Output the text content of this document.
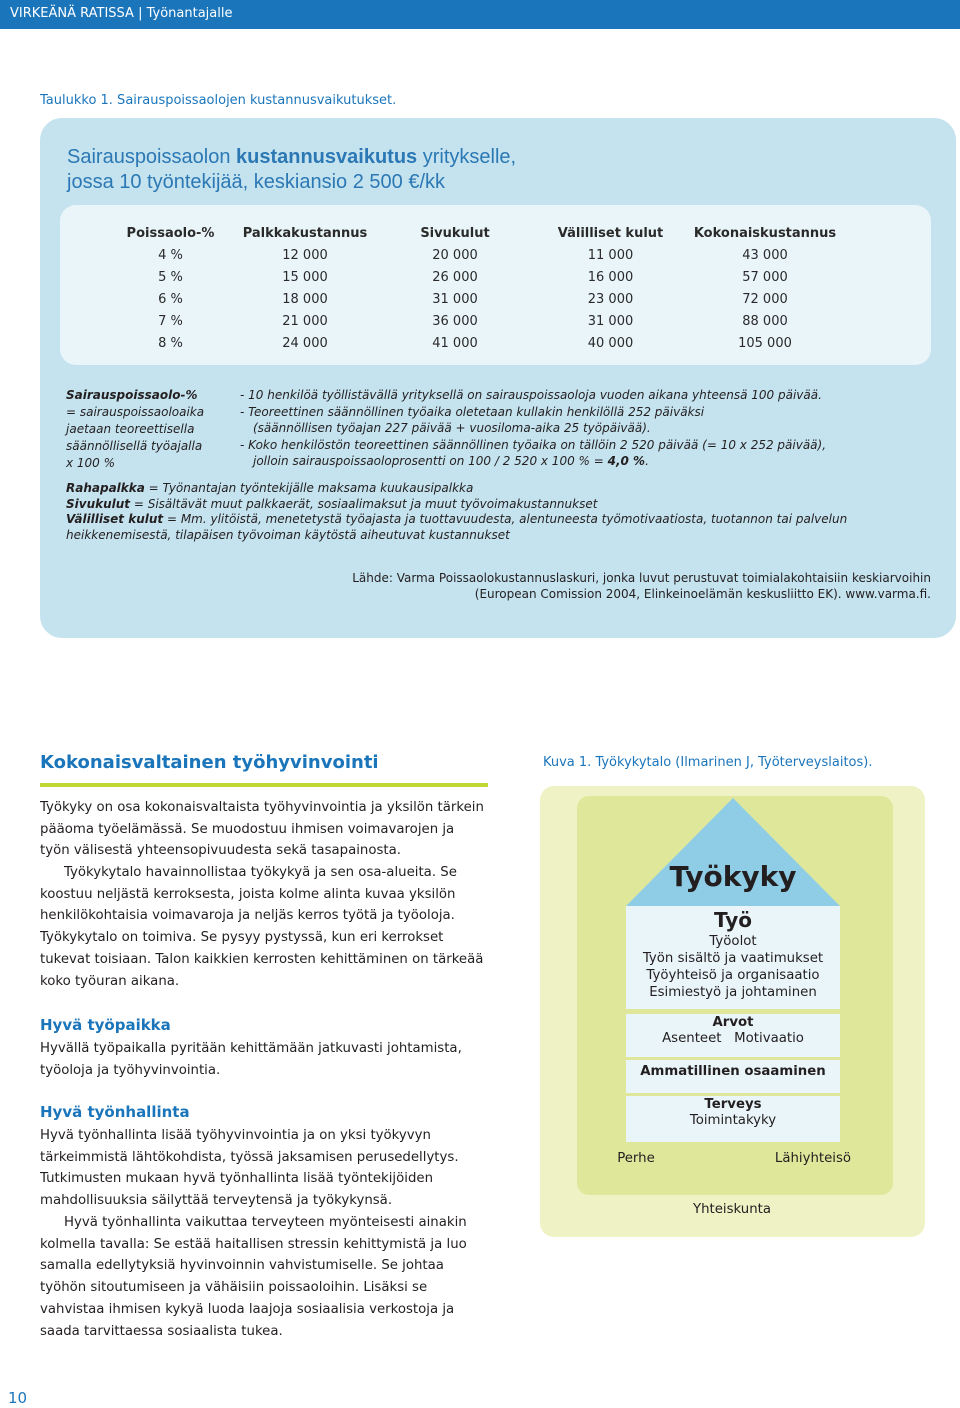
VIRKEÄNÄ RATISSA | Työnantajalle
Taulukko 1. Sairauspoissaolojen kustannusvaikutukset.
Sairauspoissaolon kustannusvaikutus yritykselle,
jossa 10 työntekijää, keskiansio 2 500 €/kk
Poissaolo-%	Palkkakustannus	Sivukulut	Välilliset kulut	Kokonaiskustannus
4 %	12 000	20 000	11 000	43 000
5 %	15 000	26 000	16 000	57 000
6 %	18 000	31 000	23 000	72 000
7 %	21 000	36 000	31 000	88 000
8 %	24 000	41 000	40 000	105 000
Sairauspoissaolo-%
= sairauspoissaoloaika
jaetaan teoreettisella
säännöllisellä työajalla
x 100 %
- 10 henkilöä työllistävällä yrityksellä on sairauspoissaoloja vuoden aikana yhteensä 100 päivää.
- Teoreettinen säännöllinen työaika oletetaan kullakin henkilöllä 252 päiväksi
(säännöllisen työajan 227 päivää + vuosiloma-aika 25 työpäivää).
- Koko henkilöstön teoreettinen säännöllinen työaika on tällöin 2 520 päivää (= 10 x 252 päivää),
jolloin sairauspoissaoloprosentti on 100 / 2 520 x 100 % = 4,0 %.
Rahapalkka = Työnantajan työntekijälle maksama kuukausipalkka
Sivukulut = Sisältävät muut palkkaerät, sosiaalimaksut ja muut työvoimakustannukset
Välilliset kulut = Mm. ylitöistä, menetetystä työajasta ja tuottavuudesta, alentuneesta työmotivaatiosta, tuotannon tai palvelun heikkenemisestä, tilapäisen työvoiman käytöstä aiheutuvat kustannukset
Lähde: Varma Poissaolokustannuslaskuri, jonka luvut perustuvat toimialakohtaisiin keskiarvoihin
(European Comission 2004, Elinkeinoelämän keskusliitto EK). www.varma.fi.
Kokonaisvaltainen työhyvinvointi
Työkyky on osa kokonaisvaltaista työhyvinvointia ja yksilön tärkein pääoma työelämässä. Se muodostuu ihmisen voimavarojen ja työn välisestä yhteensopivuudesta sekä tasapainosta.
Työkykytalo havainnollistaa työkykyä ja sen osa-alueita. Se koostuu neljästä kerroksesta, joista kolme alinta kuvaa yksilön henkilökohtaisia voimavaroja ja neljäs kerros työtä ja työoloja. Työkykytalo on toimiva. Se pysyy pystyssä, kun eri kerrokset tukevat toisiaan. Talon kaikkien kerrosten kehittäminen on tärkeää koko työuran aikana.
Hyvä työpaikka
Hyvällä työpaikalla pyritään kehittämään jatkuvasti johtamista, työoloja ja työhyvinvointia.
Hyvä työnhallinta
Hyvä työnhallinta lisää työhyvinvointia ja on yksi työkyvyn tärkeimmistä lähtökohdista, työssä jaksamisen perusedellytys. Tutkimusten mukaan hyvä työnhallinta lisää työntekijöiden mahdollisuuksia säilyttää terveytensä ja työkykynsä.
Hyvä työnhallinta vaikuttaa terveyteen myönteisesti ainakin kolmella tavalla: Se estää haitallisen stressin kehittymistä ja luo samalla edellytyksiä hyvinvoinnin vahvistumiselle. Se johtaa työhön sitoutumiseen ja vähäisiin poissaoloihin. Lisäksi se vahvistaa ihmisen kykyä luoda laajoja sosiaalisia verkostoja ja saada tarvittaessa sosiaalista tukea.
Kuva 1. Työkykytalo (Ilmarinen J, Työterveyslaitos).
Työkyky
Työ
Työolot
Työn sisältö ja vaatimukset
Työyhteisö ja organisaatio
Esimiestyö ja johtaminen
Arvot
Asenteet   Motivaatio
Ammatillinen osaaminen
Terveys
Toimintakyky
Perhe	Lähiyhteisö
Yhteiskunta
10
